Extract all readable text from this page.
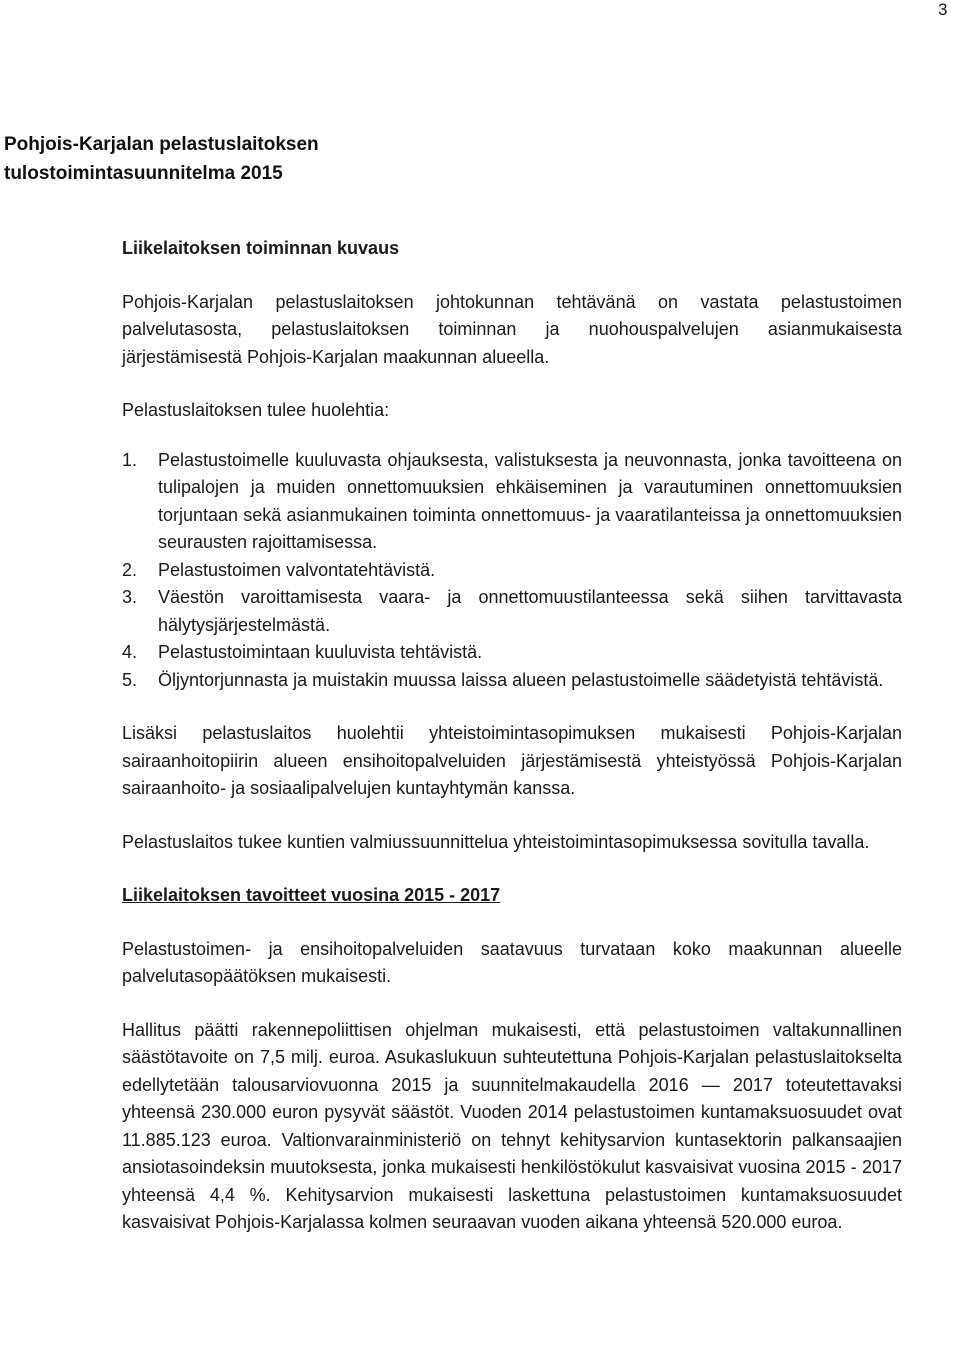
3
Pohjois-Karjalan pelastuslaitoksen
tulostoimintasuunnitelma 2015
Liikelaitoksen toiminnan kuvaus

Pohjois-Karjalan pelastuslaitoksen johtokunnan tehtävänä on vastata pelastustoimen palvelutasosta, pelastuslaitoksen toiminnan ja nuohouspalvelujen asianmukaisesta järjestämisestä Pohjois-Karjalan maakunnan alueella.

Pelastuslaitoksen tulee huolehtia:

1. Pelastustoimelle kuuluvasta ohjauksesta, valistuksesta ja neuvonnasta, jonka tavoitteena on tulipalojen ja muiden onnettomuuksien ehkäiseminen ja varautuminen onnettomuuksien torjuntaan sekä asianmukainen toiminta onnettomuus- ja vaaratilanteissa ja onnettomuuksien seurausten rajoittamisessa.
2. Pelastustoimen valvontatehtävistä.
3. Väestön varoittamisesta vaara- ja onnettomuustilanteessa sekä siihen tarvittavasta hälytysjärjestelmästä.
4. Pelastustoimintaan kuuluvista tehtävistä.
5. Öljyntorjunnasta ja muistakin muussa laissa alueen pelastustoimelle säädetyistä tehtävistä.

Lisäksi pelastuslaitos huolehtii yhteistoimintasopimuksen mukaisesti Pohjois-Karjalan sairaanhoitopiirin alueen ensihoitopalveluiden järjestämisestä yhteistyössä Pohjois-Karjalan sairaanhoito- ja sosiaalipalvelujen kuntayhtymän kanssa.

Pelastuslaitos tukee kuntien valmiussuunnittelua yhteistoimintasopimuksessa sovitulla tavalla.

Liikelaitoksen tavoitteet vuosina 2015 - 2017

Pelastustoimen- ja ensihoitopalveluiden saatavuus turvataan koko maakunnan alueelle palvelutasopäätöksen mukaisesti.

Hallitus päätti rakennepoliittisen ohjelman mukaisesti, että pelastustoimen valtakunnallinen säästötavoite on 7,5 milj. euroa. Asukaslukuun suhteutettuna Pohjois-Karjalan pelastuslaitokselta edellytetään talousarviovuonna 2015 ja suunnitelmakaudella 2016 — 2017 toteutettavaksi yhteensä 230.000 euron pysyvät säästöt. Vuoden 2014 pelastustoimen kuntamaksuosuudet ovat 11.885.123 euroa. Valtionvarainministeriö on tehnyt kehitysarvion kuntasektorin palkansaajien ansiotasoindeksin muutoksesta, jonka mukaisesti henkilöstökulut kasvaisivat vuosina 2015 - 2017 yhteensä 4,4 %. Kehitysarvion mukaisesti laskettuna pelastustoimen kuntamaksuosuudet kasvaisivat Pohjois-Karjalassa kolmen seuraavan vuoden aikana yhteensä 520.000 euroa.
